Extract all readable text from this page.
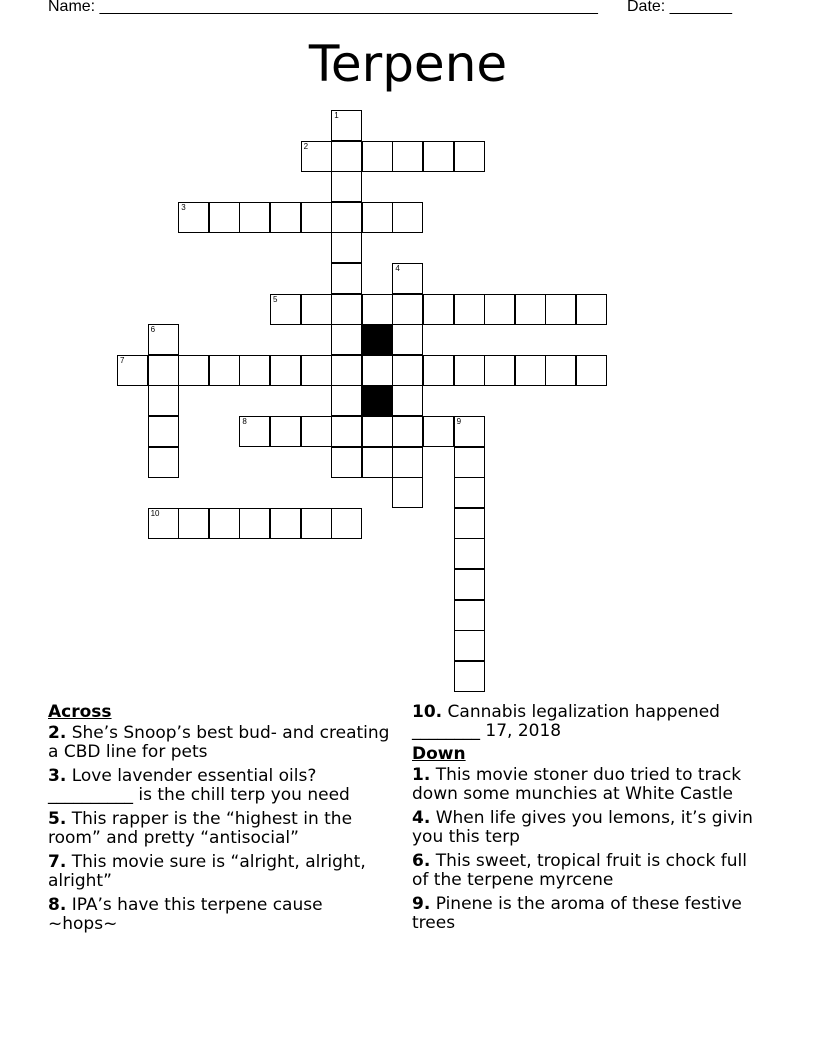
Name: ________________________________________________________ Date: _______
Terpene
1
2
3
4
5
6
7
8	9
10
Across
2. She’s Snoop’s best bud- and creating a CBD line for pets
3. Love lavender essential oils? __________ is the chill terp you need
5. This rapper is the “highest in the room” and pretty “antisocial”
7. This movie sure is “alright, alright, alright”
8. IPA’s have this terpene cause ~hops~
10. Cannabis legalization happened ________ 17, 2018
Down
1. This movie stoner duo tried to track down some munchies at White Castle
4. When life gives you lemons, it’s givin you this terp
6. This sweet, tropical fruit is chock full of the terpene myrcene
9. Pinene is the aroma of these festive trees
